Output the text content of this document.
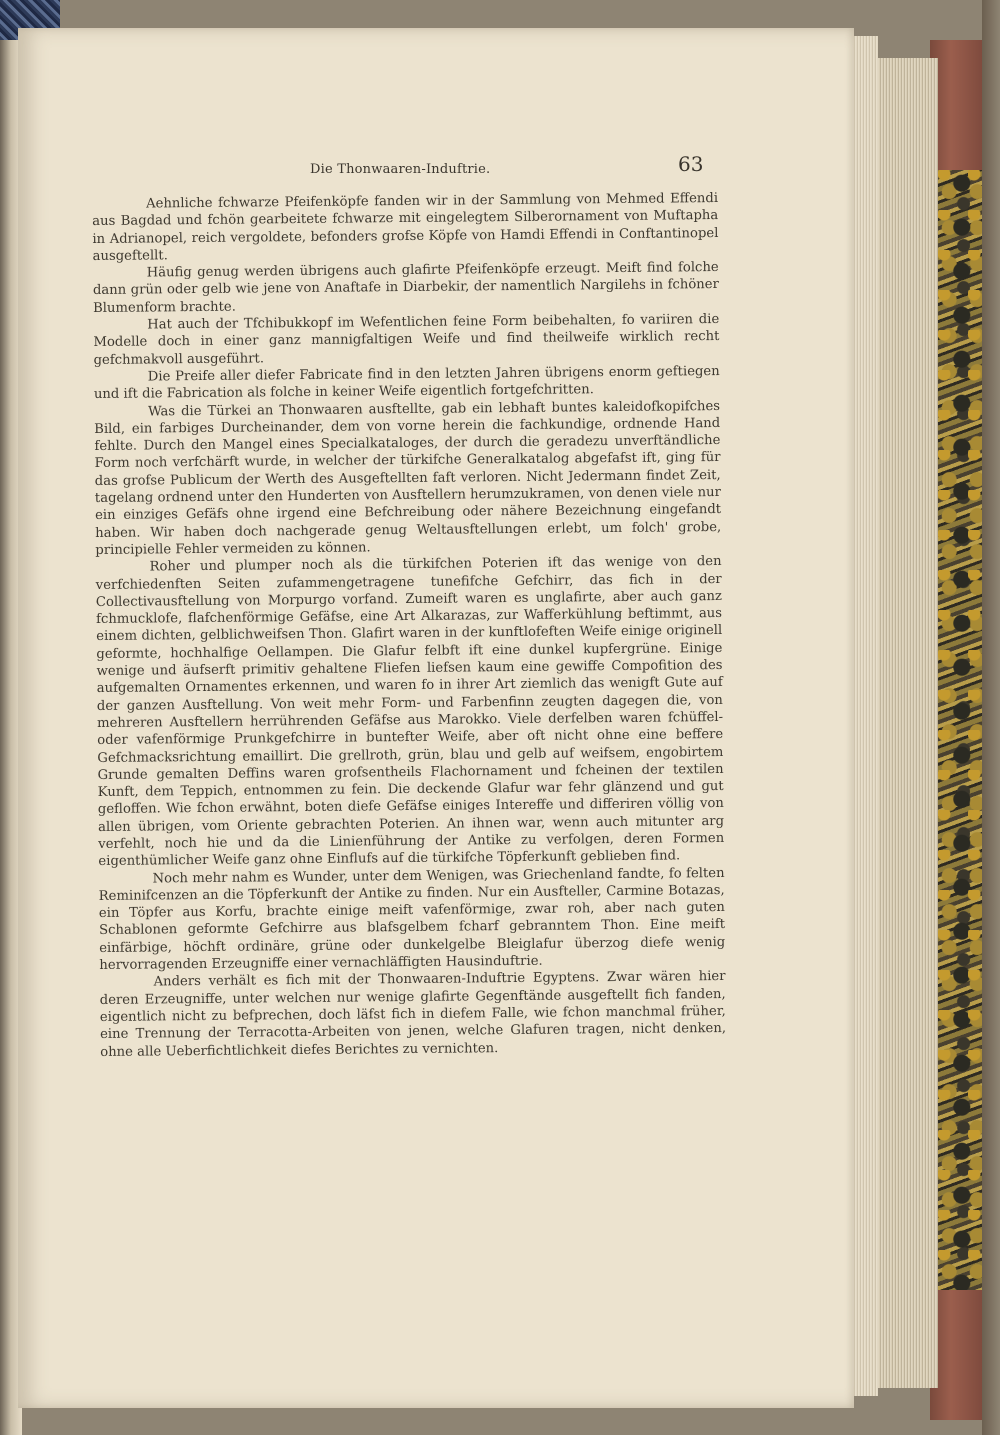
Die Thonwaaren-Induftrie.	63

Aehnliche fchwarze Pfeifenköpfe fanden wir in der Sammlung von Mehmed Effendi aus Bagdad und fchön gearbeitete fchwarze mit eingelegtem Silberornament von Muftapha in Adrianopel, reich vergoldete, befonders grofse Köpfe von Hamdi Effendi in Conftantinopel ausgeftellt.

Häufig genug werden übrigens auch glafirte Pfeifenköpfe erzeugt. Meift find folche dann grün oder gelb wie jene von Anaftafe in Diarbekir, der namentlich Nargilehs in fchöner Blumenform brachte.

Hat auch der Tfchibukkopf im Wefentlichen feine Form beibehalten, fo variiren die Modelle doch in einer ganz mannigfaltigen Weife und find theilweife wirklich recht gefchmakvoll ausgeführt.

Die Preife aller diefer Fabricate find in den letzten Jahren übrigens enorm geftiegen und ift die Fabrication als folche in keiner Weife eigentlich fortgefchritten.

Was die Türkei an Thonwaaren ausftellte, gab ein lebhaft buntes kaleidofkopifches Bild, ein farbiges Durcheinander, dem von vorne herein die fachkundige, ordnende Hand fehlte. Durch den Mangel eines Specialkataloges, der durch die geradezu unverftändliche Form noch verfchärft wurde, in welcher der türkifche Generalkatalog abgefafst ift, ging für das grofse Publicum der Werth des Ausgeftellten faft verloren. Nicht Jedermann findet Zeit, tagelang ordnend unter den Hunderten von Ausftellern herumzukramen, von denen viele nur ein einziges Gefäfs ohne irgend eine Befchreibung oder nähere Bezeichnung eingefandt haben. Wir haben doch nachgerade genug Weltausftellungen erlebt, um folch' grobe, principielle Fehler vermeiden zu können.

Roher und plumper noch als die türkifchen Poterien ift das wenige von den verfchiedenften Seiten zufammengetragene tunefifche Gefchirr, das fich in der Collectivausftellung von Morpurgo vorfand. Zumeift waren es unglafirte, aber auch ganz fchmucklofe, flafchenförmige Gefäfse, eine Art Alkarazas, zur Wafferkühlung beftimmt, aus einem dichten, gelblichweifsen Thon. Glafirt waren in der kunftlofeften Weife einige originell geformte, hochhalfige Oellampen. Die Glafur felbft ift eine dunkel kupfergrüne. Einige wenige und äufserft primitiv gehaltene Fliefen liefsen kaum eine gewiffe Compofition des aufgemalten Ornamentes erkennen, und waren fo in ihrer Art ziemlich das wenigft Gute auf der ganzen Ausftellung. Von weit mehr Form- und Farbenfinn zeugten dagegen die, von mehreren Ausftellern herrührenden Gefäfse aus Marokko. Viele derfelben waren fchüffel- oder vafenförmige Prunkgefchirre in buntefter Weife, aber oft nicht ohne eine beffere Gefchmacksrichtung emaillirt. Die grellroth, grün, blau und gelb auf weifsem, engobirtem Grunde gemalten Deffins waren grofsentheils Flachornament und fcheinen der textilen Kunft, dem Teppich, entnommen zu fein. Die deckende Glafur war fehr glänzend und gut gefloffen. Wie fchon erwähnt, boten diefe Gefäfse einiges Intereffe und differiren völlig von allen übrigen, vom Oriente gebrachten Poterien. An ihnen war, wenn auch mitunter arg verfehlt, noch hie und da die Linienführung der Antike zu verfolgen, deren Formen eigenthümlicher Weife ganz ohne Einflufs auf die türkifche Töpferkunft geblieben find.

Noch mehr nahm es Wunder, unter dem Wenigen, was Griechenland fandte, fo felten Reminifcenzen an die Töpferkunft der Antike zu finden. Nur ein Ausfteller, Carmine Botazas, ein Töpfer aus Korfu, brachte einige meift vafenförmige, zwar roh, aber nach guten Schablonen geformte Gefchirre aus blafsgelbem fcharf gebranntem Thon. Eine meift einfärbige, höchft ordinäre, grüne oder dunkelgelbe Bleiglafur überzog diefe wenig hervorragenden Erzeugniffe einer vernachläffigten Hausinduftrie.

Anders verhält es fich mit der Thonwaaren-Induftrie Egyptens. Zwar wären hier deren Erzeugniffe, unter welchen nur wenige glafirte Gegenftände ausgeftellt fich fanden, eigentlich nicht zu befprechen, doch läfst fich in diefem Falle, wie fchon manchmal früher, eine Trennung der Terracotta-Arbeiten von jenen, welche Glafuren tragen, nicht denken, ohne alle Ueberfichtlichkeit diefes Berichtes zu vernichten.
